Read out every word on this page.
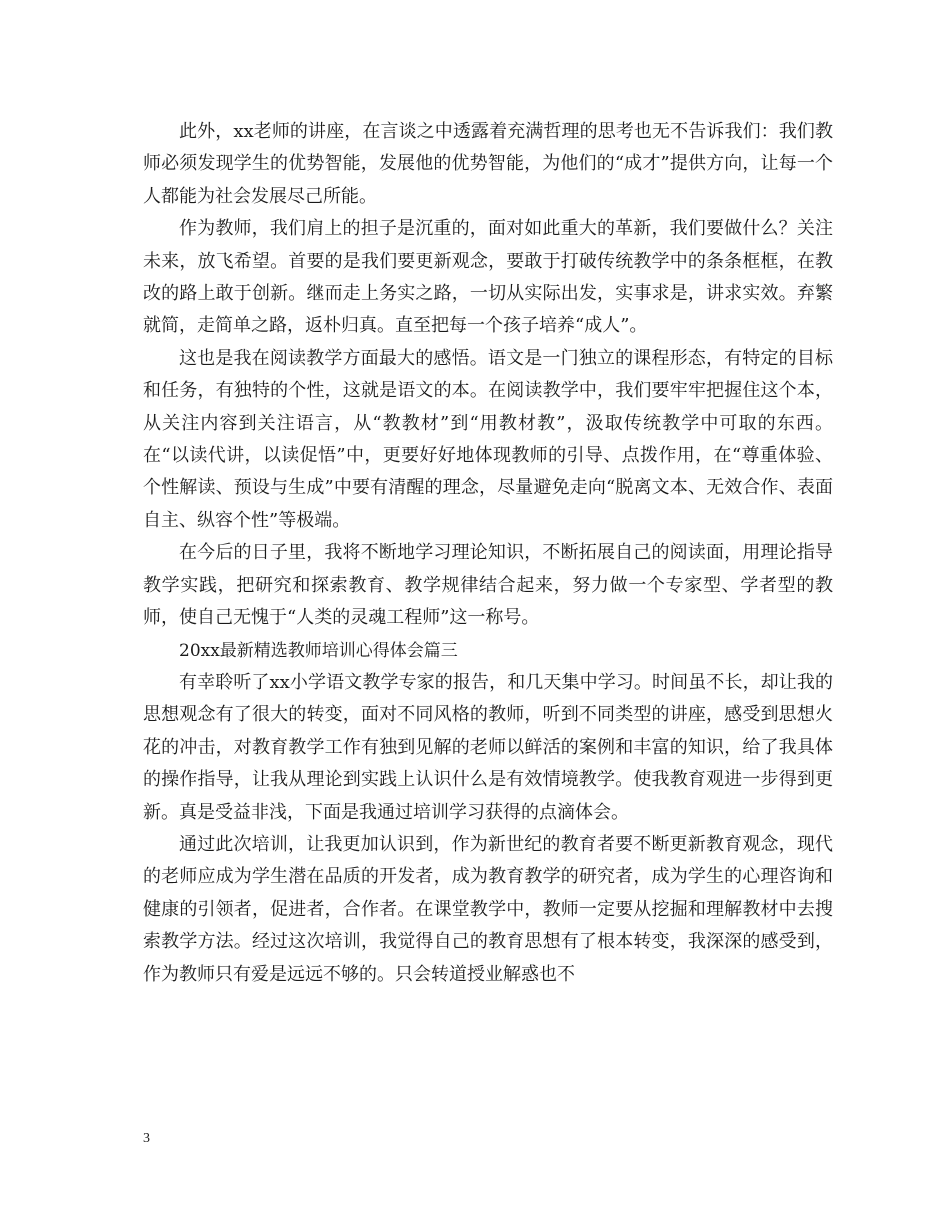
此外，xx老师的讲座，在言谈之中透露着充满哲理的思考也无不告诉我们：我们教师必须发现学生的优势智能，发展他的优势智能，为他们的“成才”提供方向，让每一个人都能为社会发展尽己所能。

作为教师，我们肩上的担子是沉重的，面对如此重大的革新，我们要做什么？关注未来，放飞希望。首要的是我们要更新观念，要敢于打破传统教学中的条条框框，在教改的路上敢于创新。继而走上务实之路，一切从实际出发，实事求是，讲求实效。弃繁就简，走简单之路，返朴归真。直至把每一个孩子培养“成人”。

这也是我在阅读教学方面最大的感悟。语文是一门独立的课程形态，有特定的目标和任务，有独特的个性，这就是语文的本。在阅读教学中，我们要牢牢把握住这个本，从关注内容到关注语言，从“教教材”到“用教材教”，汲取传统教学中可取的东西。在“以读代讲，以读促悟”中，更要好好地体现教师的引导、点拨作用，在“尊重体验、个性解读、预设与生成”中要有清醒的理念，尽量避免走向“脱离文本、无效合作、表面自主、纵容个性”等极端。

在今后的日子里，我将不断地学习理论知识，不断拓展自己的阅读面，用理论指导教学实践，把研究和探索教育、教学规律结合起来，努力做一个专家型、学者型的教师，使自己无愧于“人类的灵魂工程师”这一称号。

20xx最新精选教师培训心得体会篇三

有幸聆听了xx小学语文教学专家的报告，和几天集中学习。时间虽不长，却让我的思想观念有了很大的转变，面对不同风格的教师，听到不同类型的讲座，感受到思想火花的冲击，对教育教学工作有独到见解的老师以鲜活的案例和丰富的知识，给了我具体的操作指导，让我从理论到实践上认识什么是有效情境教学。使我教育观进一步得到更新。真是受益非浅，下面是我通过培训学习获得的点滴体会。

通过此次培训，让我更加认识到，作为新世纪的教育者要不断更新教育观念，现代的老师应成为学生潜在品质的开发者，成为教育教学的研究者，成为学生的心理咨询和健康的引领者，促进者，合作者。在课堂教学中，教师一定要从挖掘和理解教材中去搜索教学方法。经过这次培训，我觉得自己的教育思想有了根本转变，我深深的感受到，作为教师只有爱是远远不够的。只会转道授业解惑也不

3
